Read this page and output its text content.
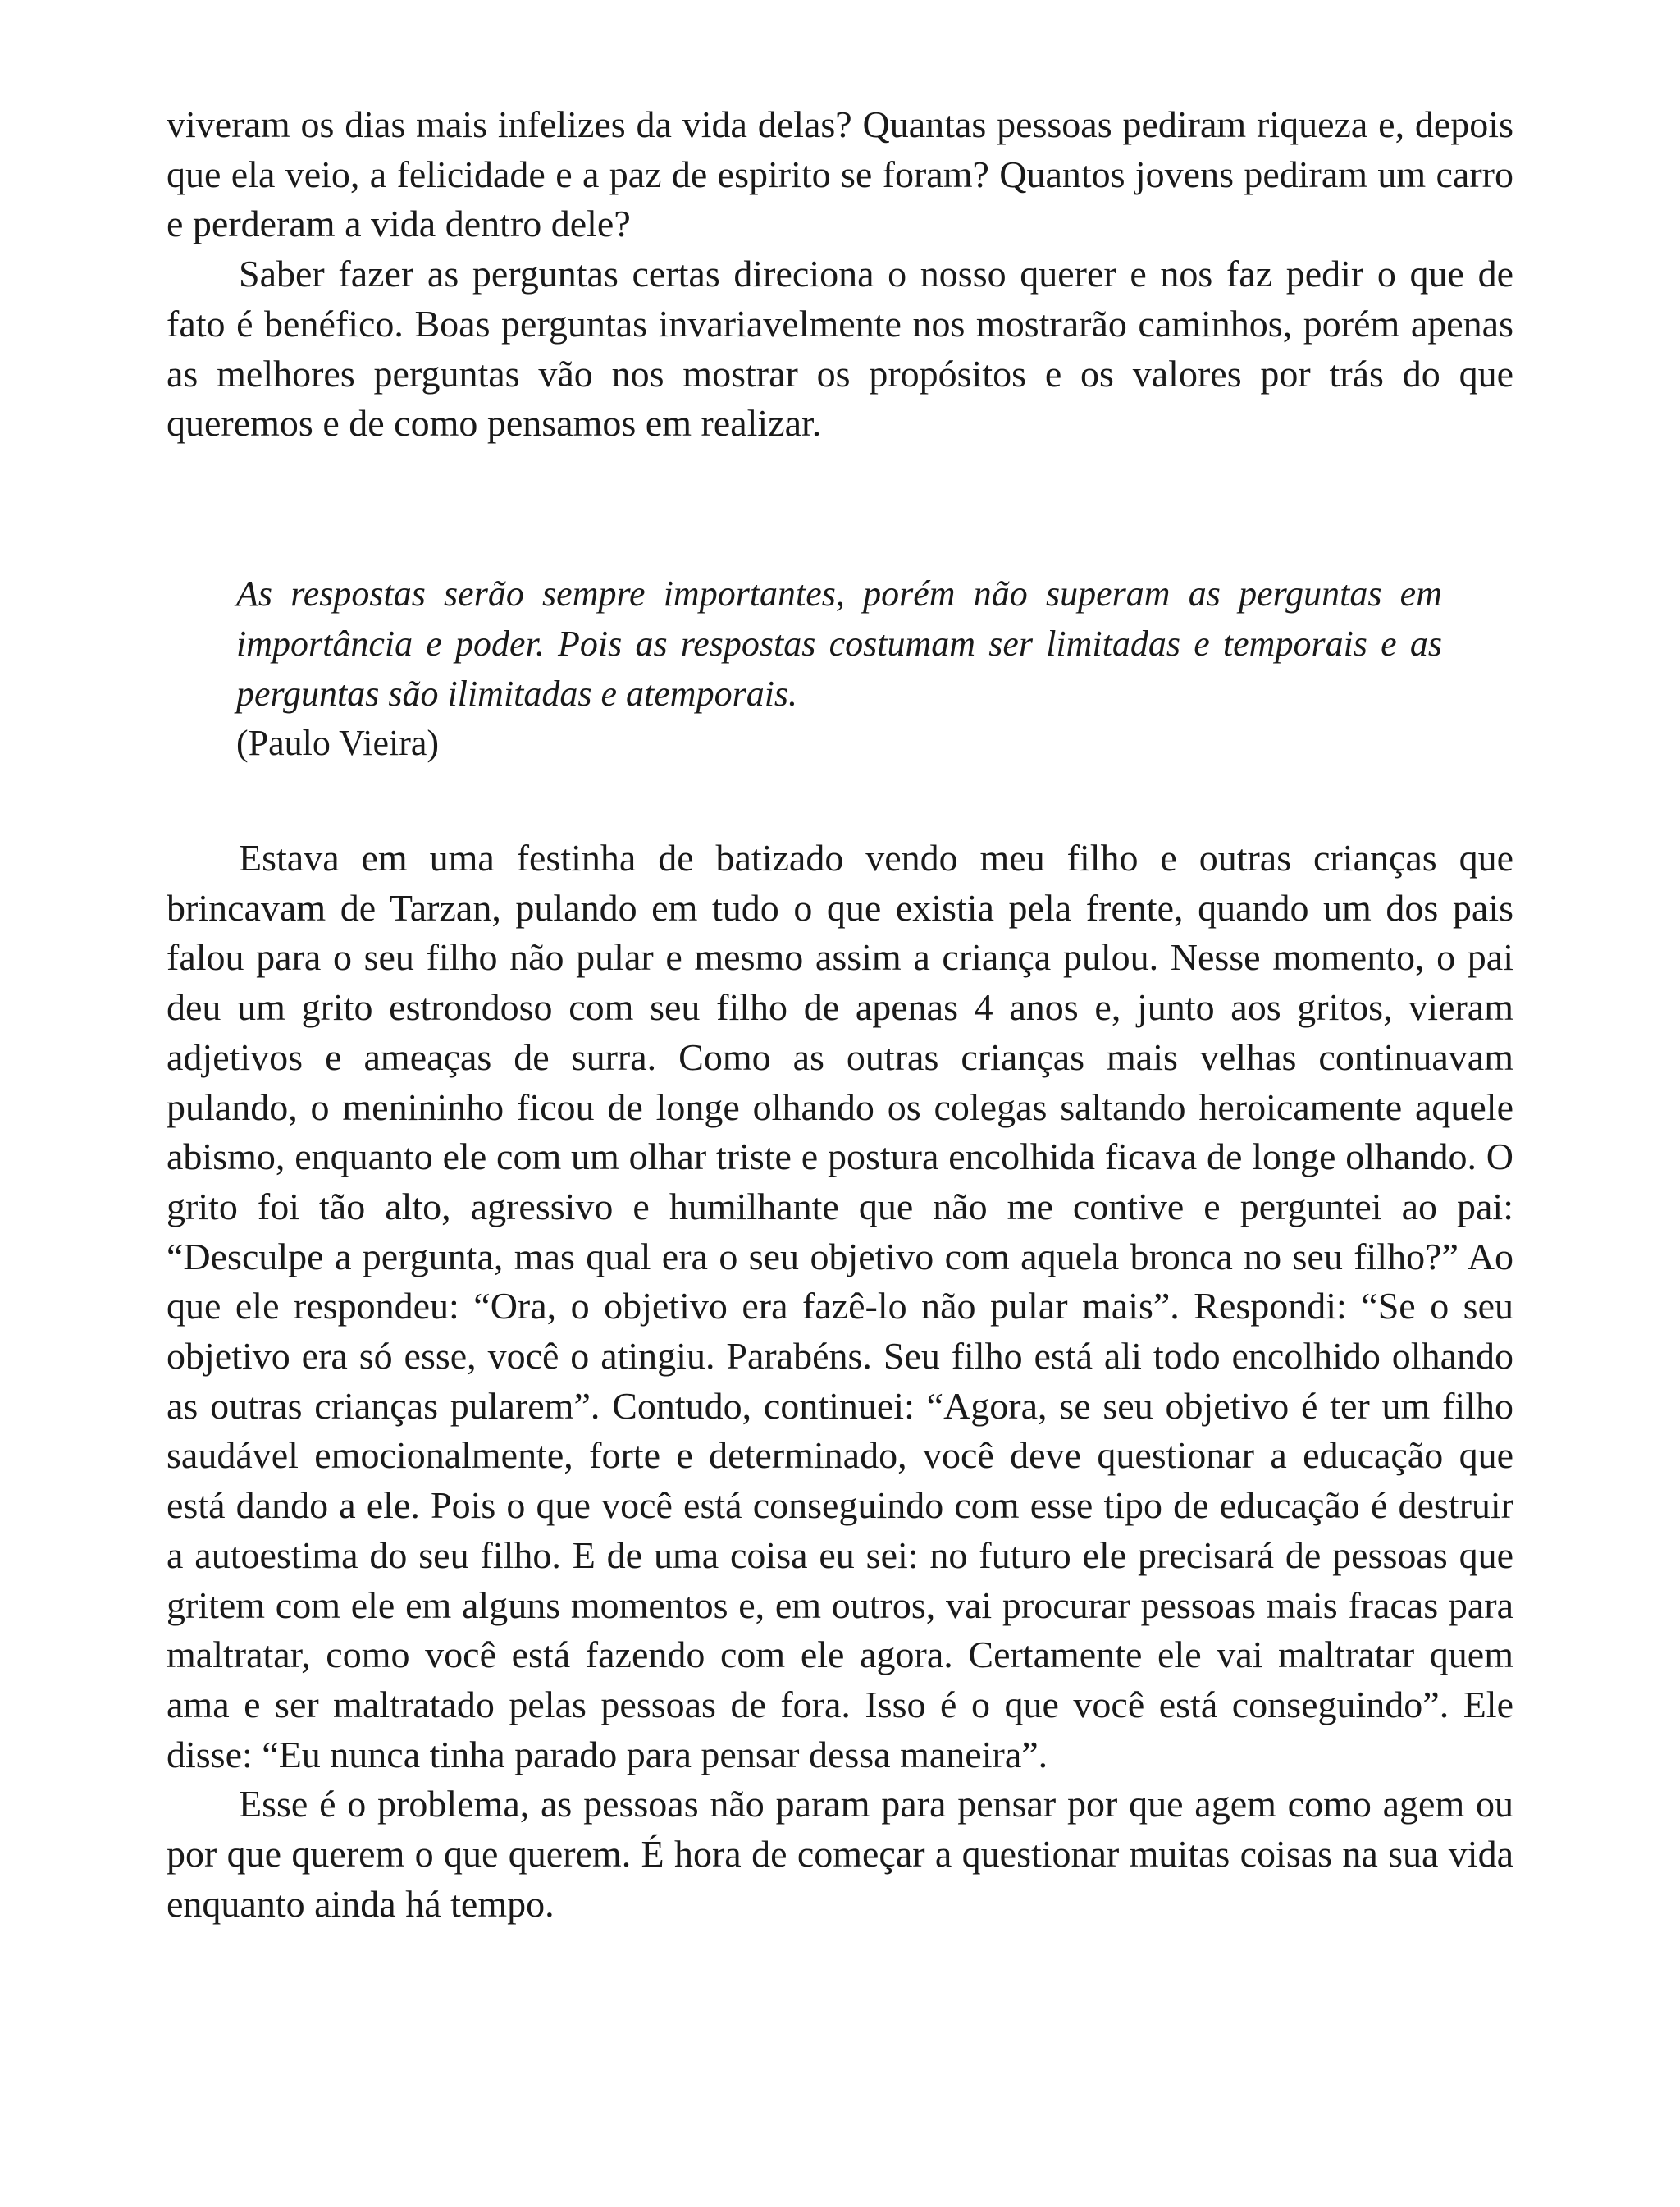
viveram os dias mais infelizes da vida delas? Quantas pessoas pediram riqueza e, depois que ela veio, a felicidade e a paz de espirito se foram? Quantos jovens pediram um carro e perderam a vida dentro dele?

Saber fazer as perguntas certas direciona o nosso querer e nos faz pedir o que de fato é benéfico. Boas perguntas invariavelmente nos mostrarão caminhos, porém apenas as melhores perguntas vão nos mostrar os propósitos e os valores por trás do que queremos e de como pensamos em realizar.

As respostas serão sempre importantes, porém não superam as perguntas em importância e poder. Pois as respostas costumam ser limitadas e temporais e as perguntas são ilimitadas e atemporais.

(Paulo Vieira)

Estava em uma festinha de batizado vendo meu filho e outras crianças que brincavam de Tarzan, pulando em tudo o que existia pela frente, quando um dos pais falou para o seu filho não pular e mesmo assim a criança pulou. Nesse momento, o pai deu um grito estrondoso com seu filho de apenas 4 anos e, junto aos gritos, vieram adjetivos e ameaças de surra. Como as outras crianças mais velhas continuavam pulando, o menininho ficou de longe olhando os colegas saltando heroicamente aquele abismo, enquanto ele com um olhar triste e postura encolhida ficava de longe olhando. O grito foi tão alto, agressivo e humilhante que não me contive e perguntei ao pai: “Desculpe a pergunta, mas qual era o seu objetivo com aquela bronca no seu filho?” Ao que ele respondeu: “Ora, o objetivo era fazê-lo não pular mais”. Respondi: “Se o seu objetivo era só esse, você o atingiu. Parabéns. Seu filho está ali todo encolhido olhando as outras crianças pularem”. Contudo, continuei: “Agora, se seu objetivo é ter um filho saudável emocionalmente, forte e determinado, você deve questionar a educação que está dando a ele. Pois o que você está conseguindo com esse tipo de educação é destruir a autoestima do seu filho. E de uma coisa eu sei: no futuro ele precisará de pessoas que gritem com ele em alguns momentos e, em outros, vai procurar pessoas mais fracas para maltratar, como você está fazendo com ele agora. Certamente ele vai maltratar quem ama e ser maltratado pelas pessoas de fora. Isso é o que você está conseguindo”. Ele disse: “Eu nunca tinha parado para pensar dessa maneira”.

Esse é o problema, as pessoas não param para pensar por que agem como agem ou por que querem o que querem. É hora de começar a questionar muitas coisas na sua vida enquanto ainda há tempo.
